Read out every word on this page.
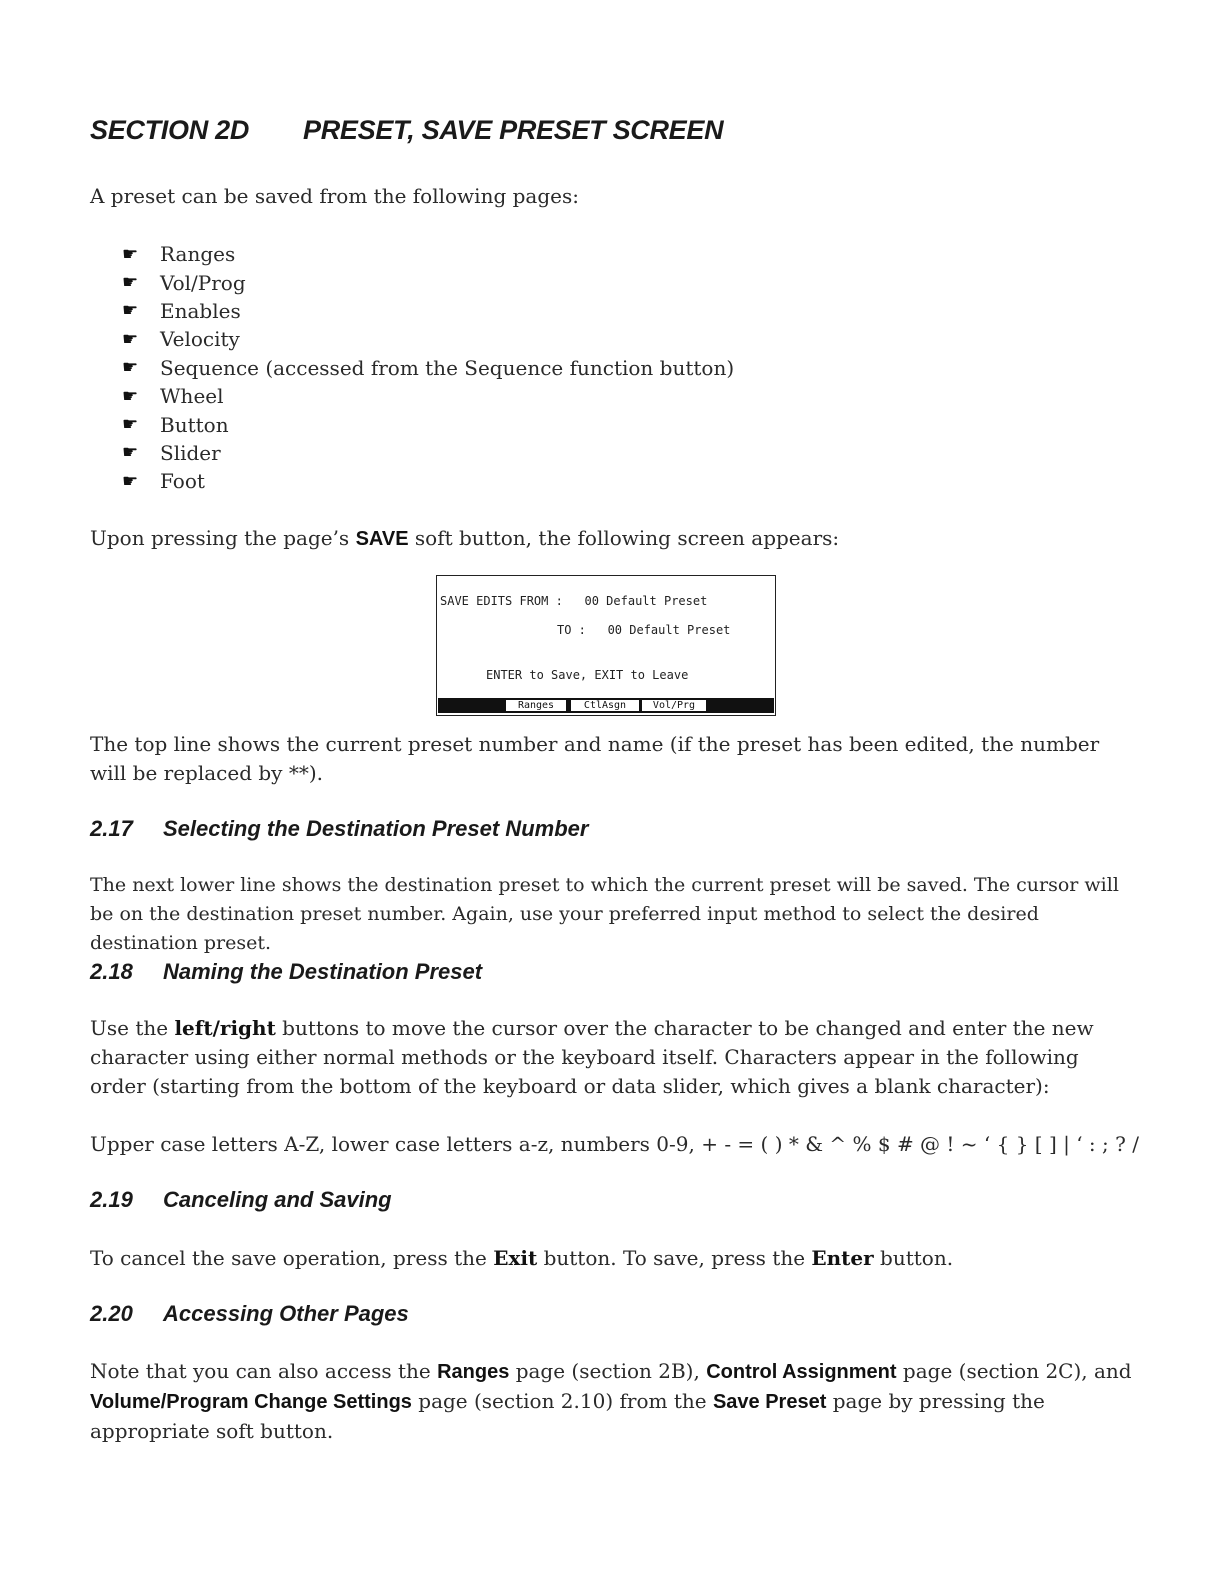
SECTION 2D PRESET, SAVE PRESET SCREEN
A preset can be saved from the following pages:
☛	Ranges
☛	Vol/Prog
☛	Enables
☛	Velocity
☛	Sequence (accessed from the Sequence function button)
☛	Wheel
☛	Button
☛	Slider
☛	Foot
Upon pressing the page’s SAVE soft button, the following screen appears:
SAVE EDITS FROM :   00 Default Preset
TO :   00 Default Preset
ENTER to Save, EXIT to Leave
Ranges	CtlAsgn	Vol/Prg
The top line shows the current preset number and name (if the preset has been edited, the number will be replaced by **).
2.17 Selecting the Destination Preset Number
The next lower line shows the destination preset to which the current preset will be saved. The cursor will be on the destination preset number. Again, use your preferred input method to select the desired destination preset.
2.18 Naming the Destination Preset
Use the left/right buttons to move the cursor over the character to be changed and enter the new character using either normal methods or the keyboard itself. Characters appear in the following order (starting from the bottom of the keyboard or data slider, which gives a blank character):
Upper case letters A-Z, lower case letters a-z, numbers 0-9, + - = ( ) * & ^ % $ # @ ! ~ ‘ { } [ ] | ‘ : ; ? /
2.19 Canceling and Saving
To cancel the save operation, press the Exit button. To save, press the Enter button.
2.20 Accessing Other Pages
Note that you can also access the Ranges page (section 2B), Control Assignment page (section 2C), and Volume/Program Change Settings page (section 2.10) from the Save Preset page by pressing the appropriate soft button.
